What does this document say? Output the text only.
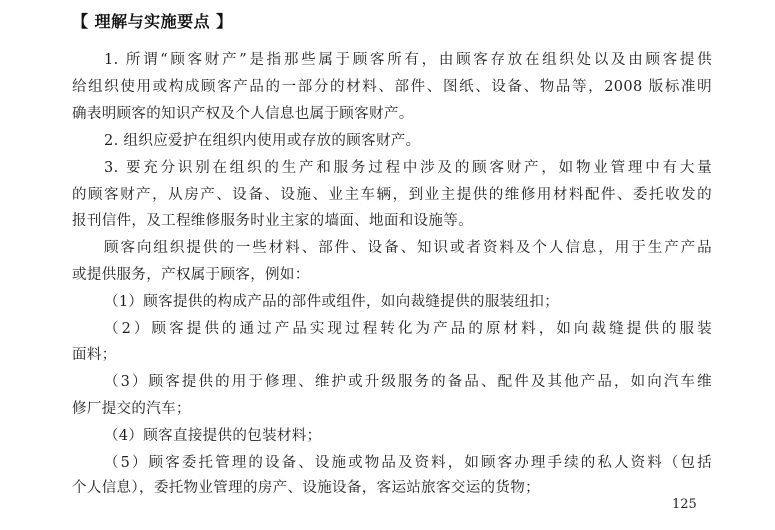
【 理解与实施要点 】
1. 所谓“顾客财产”是指那些属于顾客所有，由顾客存放在组织处以及由顾客提供
给组织使用或构成顾客产品的一部分的材料、部件、图纸、设备、物品等，2008 版标准明
确表明顾客的知识产权及个人信息也属于顾客财产。
2. 组织应爱护在组织内使用或存放的顾客财产。
3. 要充分识别在组织的生产和服务过程中涉及的顾客财产，如物业管理中有大量
的顾客财产，从房产、设备、设施、业主车辆，到业主提供的维修用材料配件、委托收发的
报刊信件，及工程维修服务时业主家的墙面、地面和设施等。
顾客向组织提供的一些材料、部件、设备、知识或者资料及个人信息，用于生产产品
或提供服务，产权属于顾客，例如：
（1）顾客提供的构成产品的部件或组件，如向裁缝提供的服装纽扣；
（2）顾客提供的通过产品实现过程转化为产品的原材料，如向裁缝提供的服装
面料；
（3）顾客提供的用于修理、维护或升级服务的备品、配件及其他产品，如向汽车维
修厂提交的汽车；
（4）顾客直接提供的包装材料；
（5）顾客委托管理的设备、设施或物品及资料，如顾客办理手续的私人资料（包括
个人信息），委托物业管理的房产、设施设备，客运站旅客交运的货物；
125
